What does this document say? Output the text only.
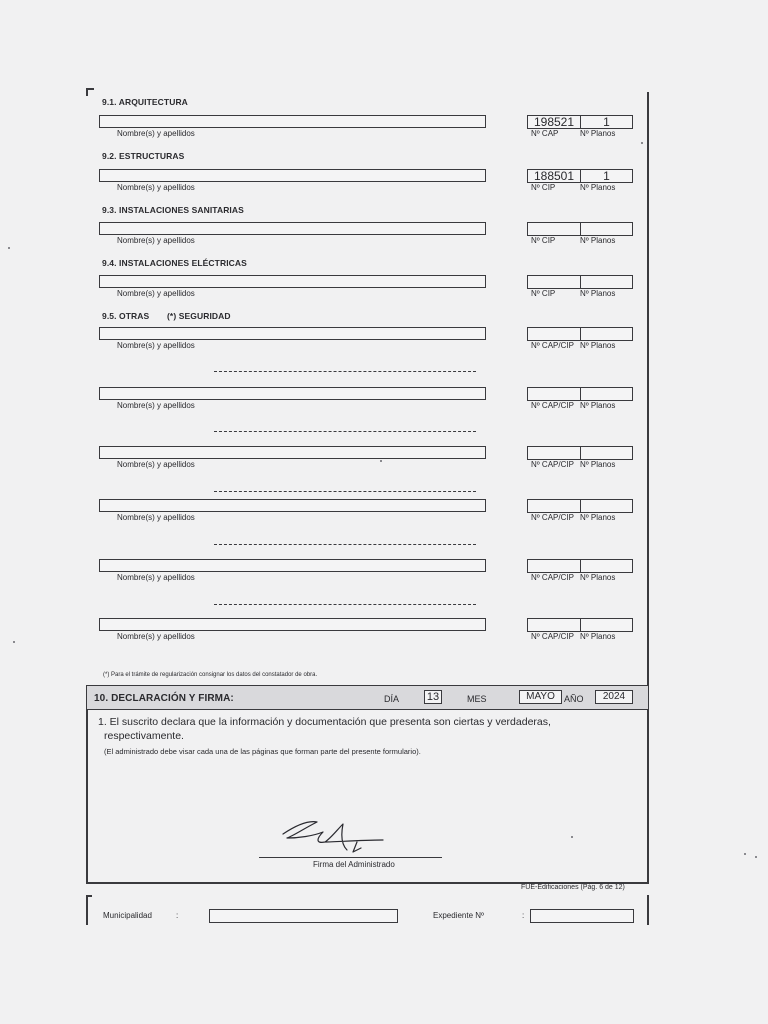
9.1. ARQUITECTURA
Nombre(s) y apellidos
198521	1
Nº CAP	Nº Planos
9.2. ESTRUCTURAS
Nombre(s) y apellidos
188501	1
Nº CIP	Nº Planos
9.3. INSTALACIONES SANITARIAS
Nombre(s) y apellidos	Nº CIP	Nº Planos
9.4. INSTALACIONES ELÉCTRICAS
Nombre(s) y apellidos	Nº CIP	Nº Planos
9.5. OTRAS (*) SEGURIDAD
Nombre(s) y apellidos	Nº CAP/CIP Nº Planos
Nombre(s) y apellidos	Nº CAP/CIP Nº Planos
Nombre(s) y apellidos	Nº CAP/CIP Nº Planos
Nombre(s) y apellidos	Nº CAP/CIP Nº Planos
Nombre(s) y apellidos	Nº CAP/CIP Nº Planos
Nombre(s) y apellidos	Nº CAP/CIP Nº Planos
(*) Para el trámite de regularización consignar los datos del constatador de obra.
10. DECLARACIÓN Y FIRMA:	DÍA	13	MES	MAYO	AÑO	2024
1. El suscrito declara que la información y documentación que presenta son ciertas y verdaderas,
respectivamente.
(El administrado debe visar cada una de las páginas que forman parte del presente formulario).
Firma del Administrado
FUE-Edificaciones (Pág. 6 de 12)
Municipalidad	:	Expediente Nº	:
